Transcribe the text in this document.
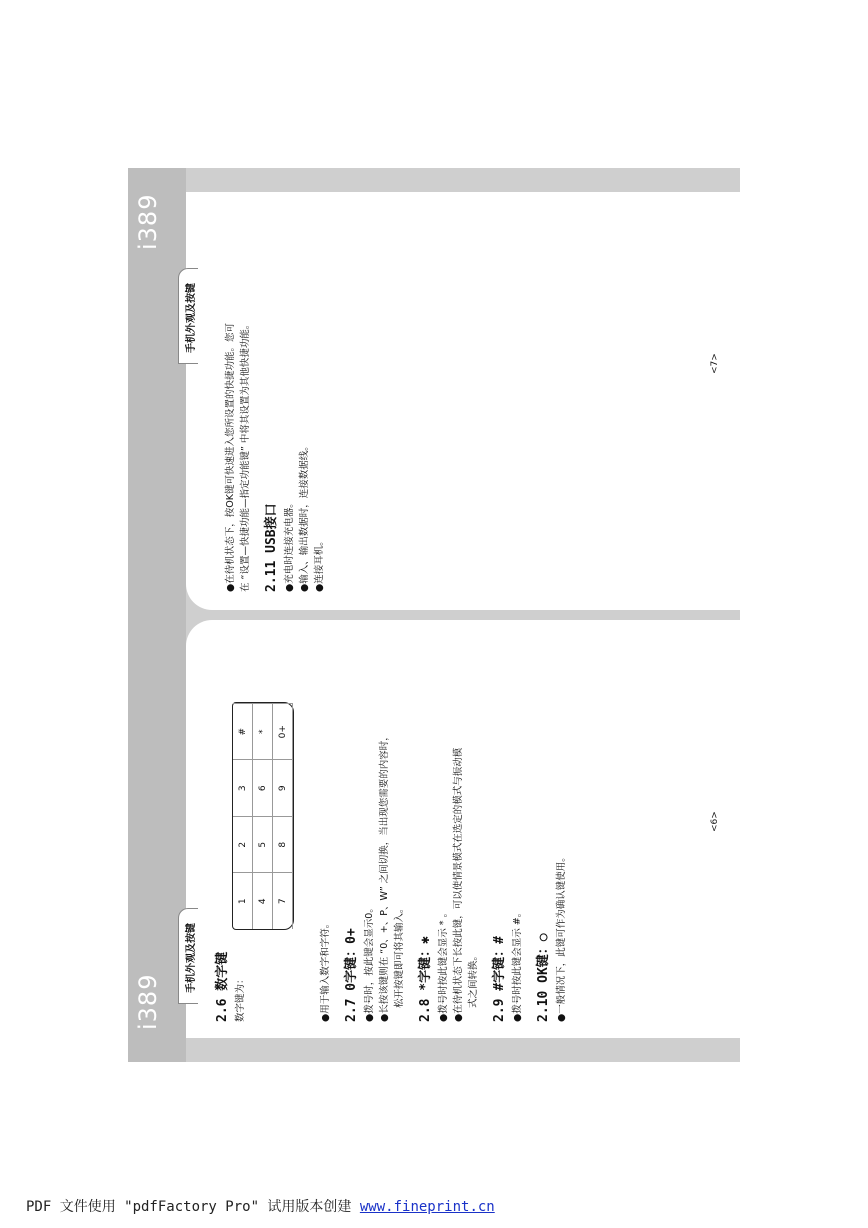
i389
i389
手机外观及按键
手机外观及按键
2.6 数字键 数字键为：
1
2
3
#
4
5
6
*
7
8
9
0+
●用于输入数字和字符。 2.7 0字键：0+ ●拨号时，按此键会显示0。 ●长按该键则在 “0、+、P、W” 之间切换，当出现您需要的内容时， 松开按键即可将其输入。 2.8 *字键：✱ ●拨号时按此键会显示 * 。 ●在待机状态下长按此键，可以使情景模式在选定的模式与振动模 式之间转换。 2.9 #字键：# ●拨号时按此键会显示 #。 2.10 OK键：○ ●一般情况下，此键可作为确认键使用。
<6>
●在待机状态下，按OK键可快速进入您所设置的快捷功能。您可 在 “设置—快捷功能—指定功能键” 中将其设置为其他快捷功能。 2.11 USB接口 ●充电时连接充电器。 ●输入、输出数据时，连接数据线。 ●连接耳机。
<7>
PDF 文件使用 "pdfFactory Pro" 试用版本创建 www.fineprint.cn
